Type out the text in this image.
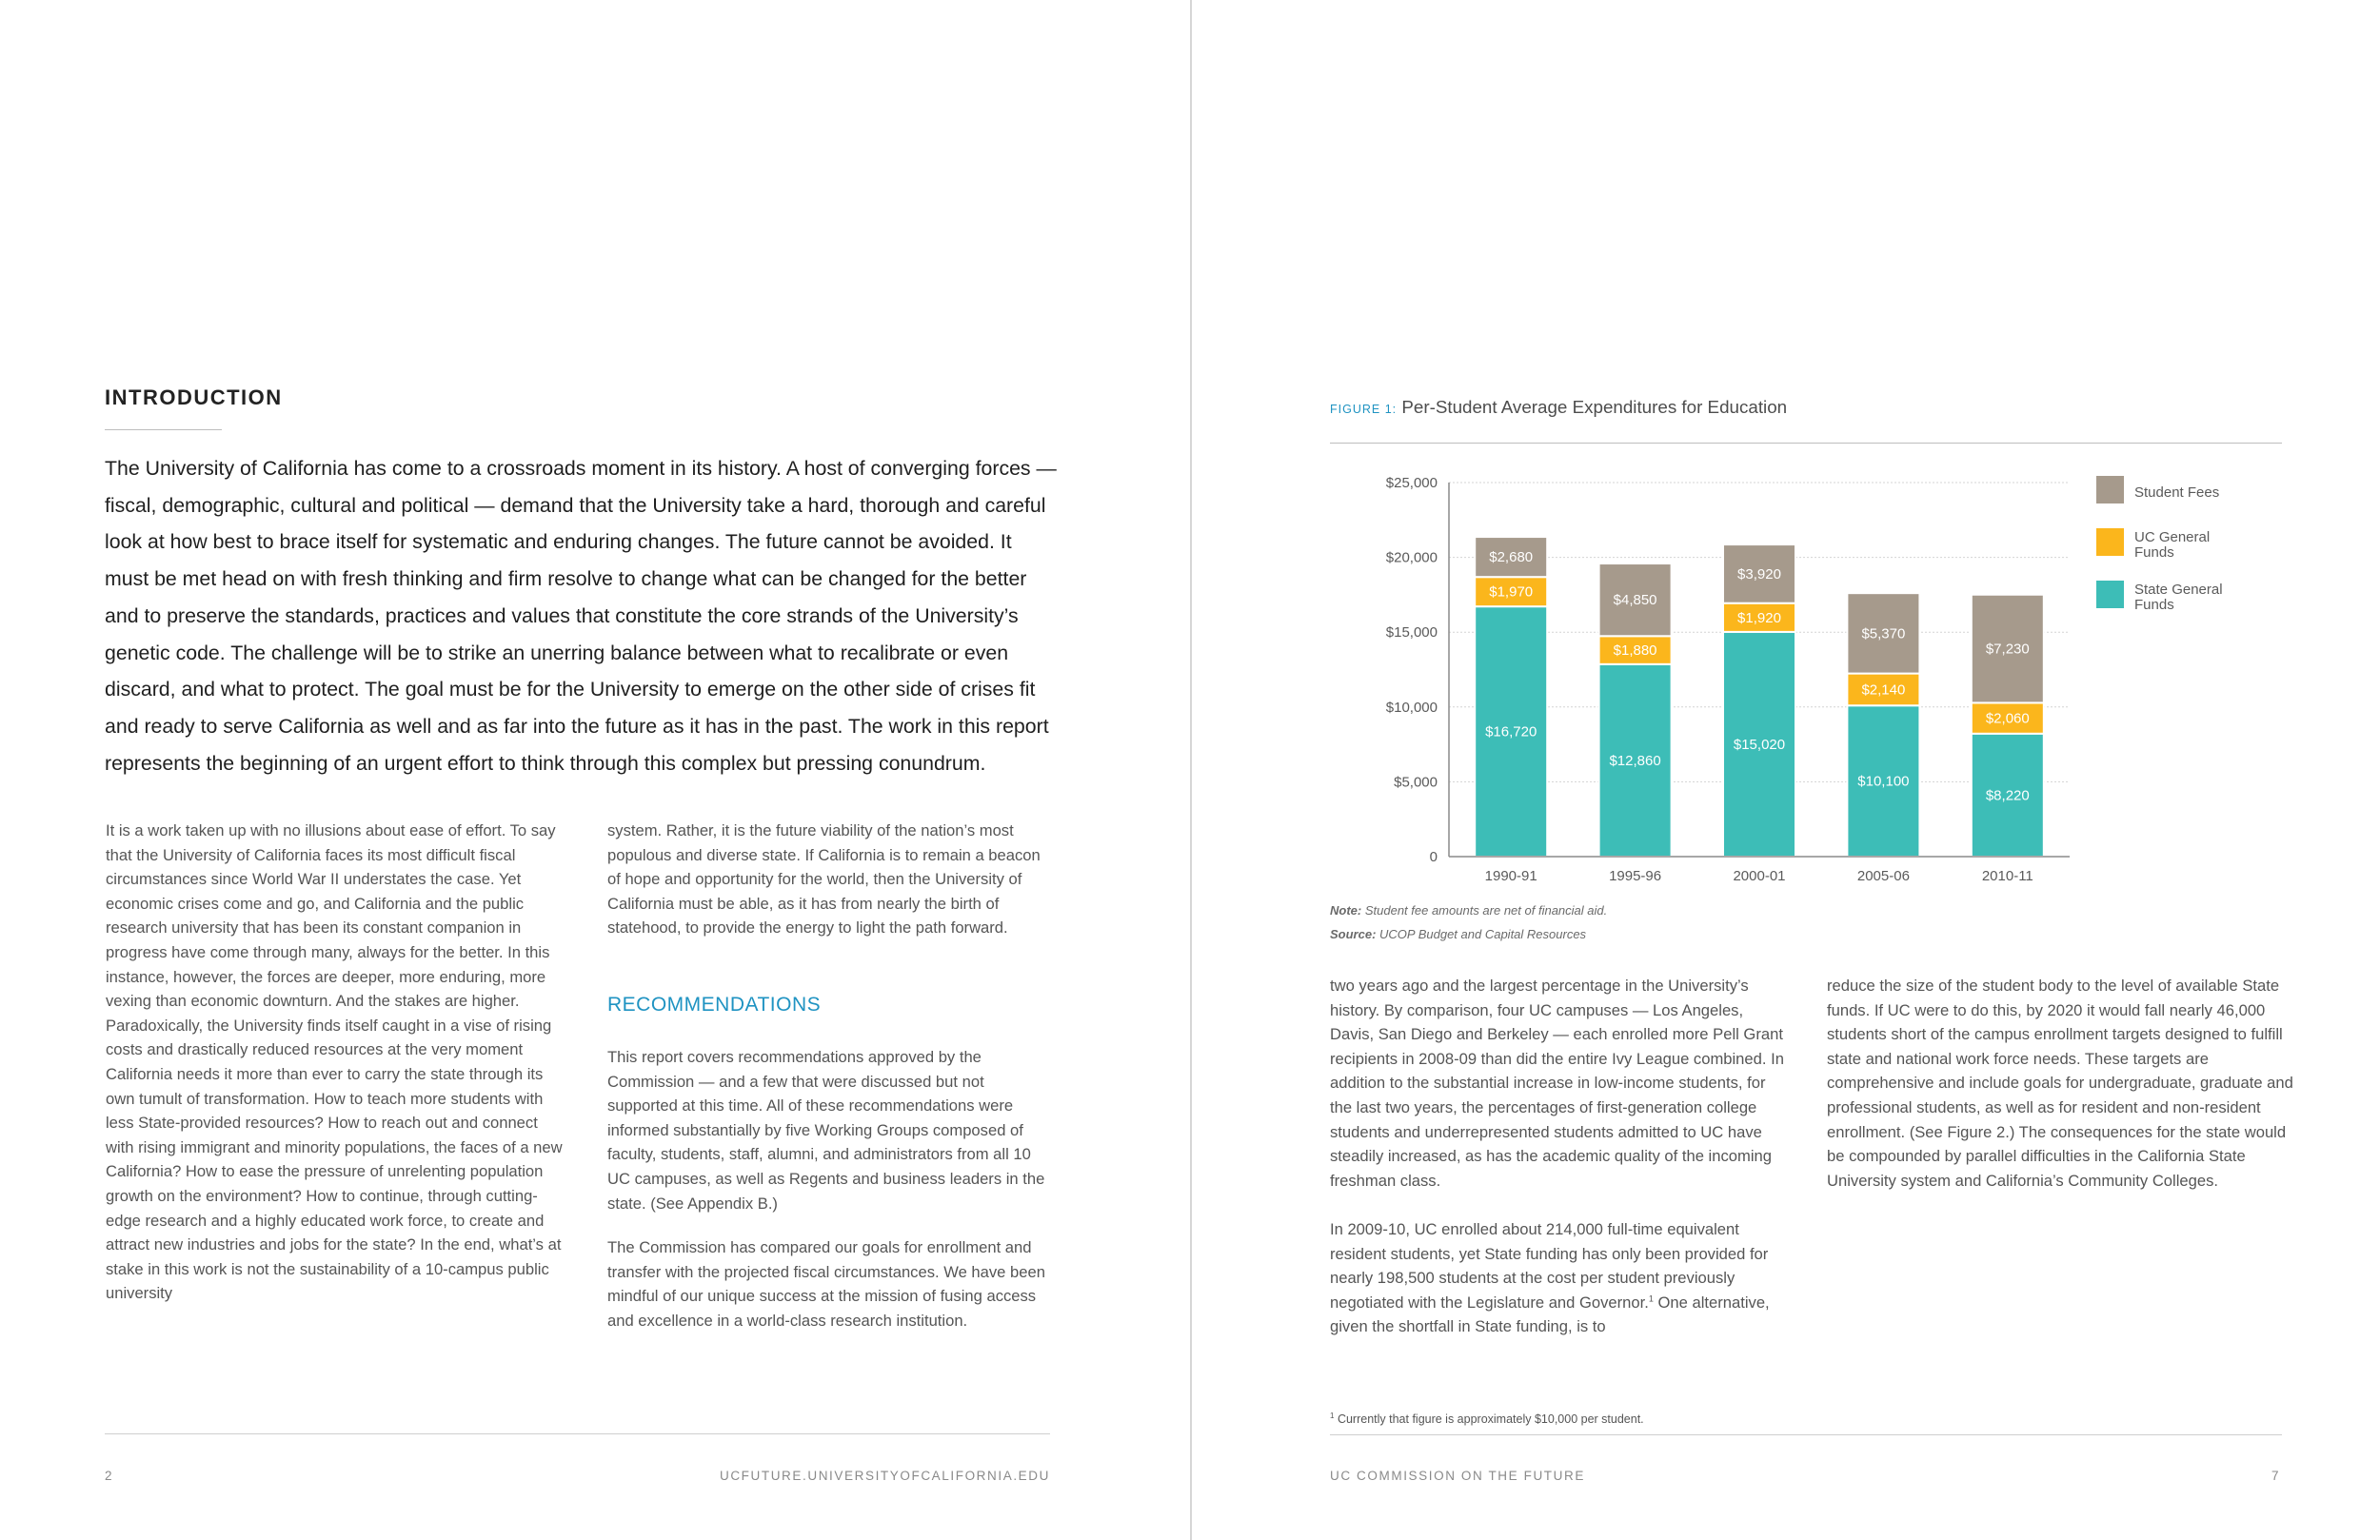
INTRODUCTION

The University of California has come to a crossroads moment in its history. A host of converging forces — fiscal, demographic, cultural and political — demand that the University take a hard, thorough and careful look at how best to brace itself for systematic and enduring changes. The future cannot be avoided. It must be met head on with fresh thinking and firm resolve to change what can be changed for the better and to preserve the standards, practices and values that constitute the core strands of the University’s genetic code. The challenge will be to strike an unerring balance between what to recalibrate or even discard, and what to protect. The goal must be for the University to emerge on the other side of crises fit and ready to serve California as well and as far into the future as it has in the past. The work in this report represents the beginning of an urgent effort to think through this complex but pressing conundrum.

It is a work taken up with no illusions about ease of effort. To say that the University of California faces its most difficult fiscal circumstances since World War II understates the case. Yet economic crises come and go, and California and the public research university that has been its constant companion in progress have come through many, always for the better. In this instance, however, the forces are deeper, more enduring, more vexing than economic downturn. And the stakes are higher. Paradoxically, the University finds itself caught in a vise of rising costs and drastically reduced resources at the very moment California needs it more than ever to carry the state through its own tumult of transformation. How to teach more students with less State-provided resources? How to reach out and connect with rising immigrant and minority populations, the faces of a new California? How to ease the pressure of unrelenting population growth on the environment? How to continue, through cutting-edge research and a highly educated work force, to create and attract new industries and jobs for the state? In the end, what’s at stake in this work is not the sustainability of a 10-campus public university

system. Rather, it is the future viability of the nation’s most populous and diverse state. If California is to remain a beacon of hope and opportunity for the world, then the University of California must be able, as it has from nearly the birth of statehood, to provide the energy to light the path forward.

RECOMMENDATIONS

This report covers recommendations approved by the Commission — and a few that were discussed but not supported at this time. All of these recommendations were informed substantially by five Working Groups composed of faculty, students, staff, alumni, and administrators from all 10 UC campuses, as well as Regents and business leaders in the state. (See Appendix B.)

The Commission has compared our goals for enrollment and transfer with the projected fiscal circumstances. We have been mindful of our unique success at the mission of fusing access and excellence in a world-class research institution.

2	UCFUTURE.UNIVERSITYOFCALIFORNIA.EDU
FIGURE 1: Per-Student Average Expenditures for Education
$16,720
$1,970
$2,680
$12,860
$1,880
$4,850
$15,020
$1,920
$3,920
$10,100
$2,140
$5,370
$8,220
$2,060
$7,230
0
$5,000
$10,000
$15,000
$20,000
$25,000
1990-91	1995-96	2000-01	2005-06	2010-11
Student Fees
UC General Funds
State General Funds

Note: Student fee amounts are net of financial aid.
Source: UCOP Budget and Capital Resources

two years ago and the largest percentage in the University’s history. By comparison, four UC campuses — Los Angeles, Davis, San Diego and Berkeley — each enrolled more Pell Grant recipients in 2008-09 than did the entire Ivy League combined. In addition to the substantial increase in low-income students, for the last two years, the percentages of first-generation college students and underrepresented students admitted to UC have steadily increased, as has the academic quality of the incoming freshman class.

In 2009-10, UC enrolled about 214,000 full-time equivalent resident students, yet State funding has only been provided for nearly 198,500 students at the cost per student previously negotiated with the Legislature and Governor.$^1$ One alternative, given the shortfall in State funding, is to

reduce the size of the student body to the level of available State funds. If UC were to do this, by 2020 it would fall nearly 46,000 students short of the campus enrollment targets designed to fulfill state and national work force needs. These targets are comprehensive and include goals for undergraduate, graduate and professional students, as well as for resident and non-resident enrollment. (See Figure 2.) The consequences for the state would be compounded by parallel difficulties in the California State University system and California’s Community Colleges.

$^1$ Currently that figure is approximately $10,000 per student.

UC COMMISSION ON THE FUTURE	7
